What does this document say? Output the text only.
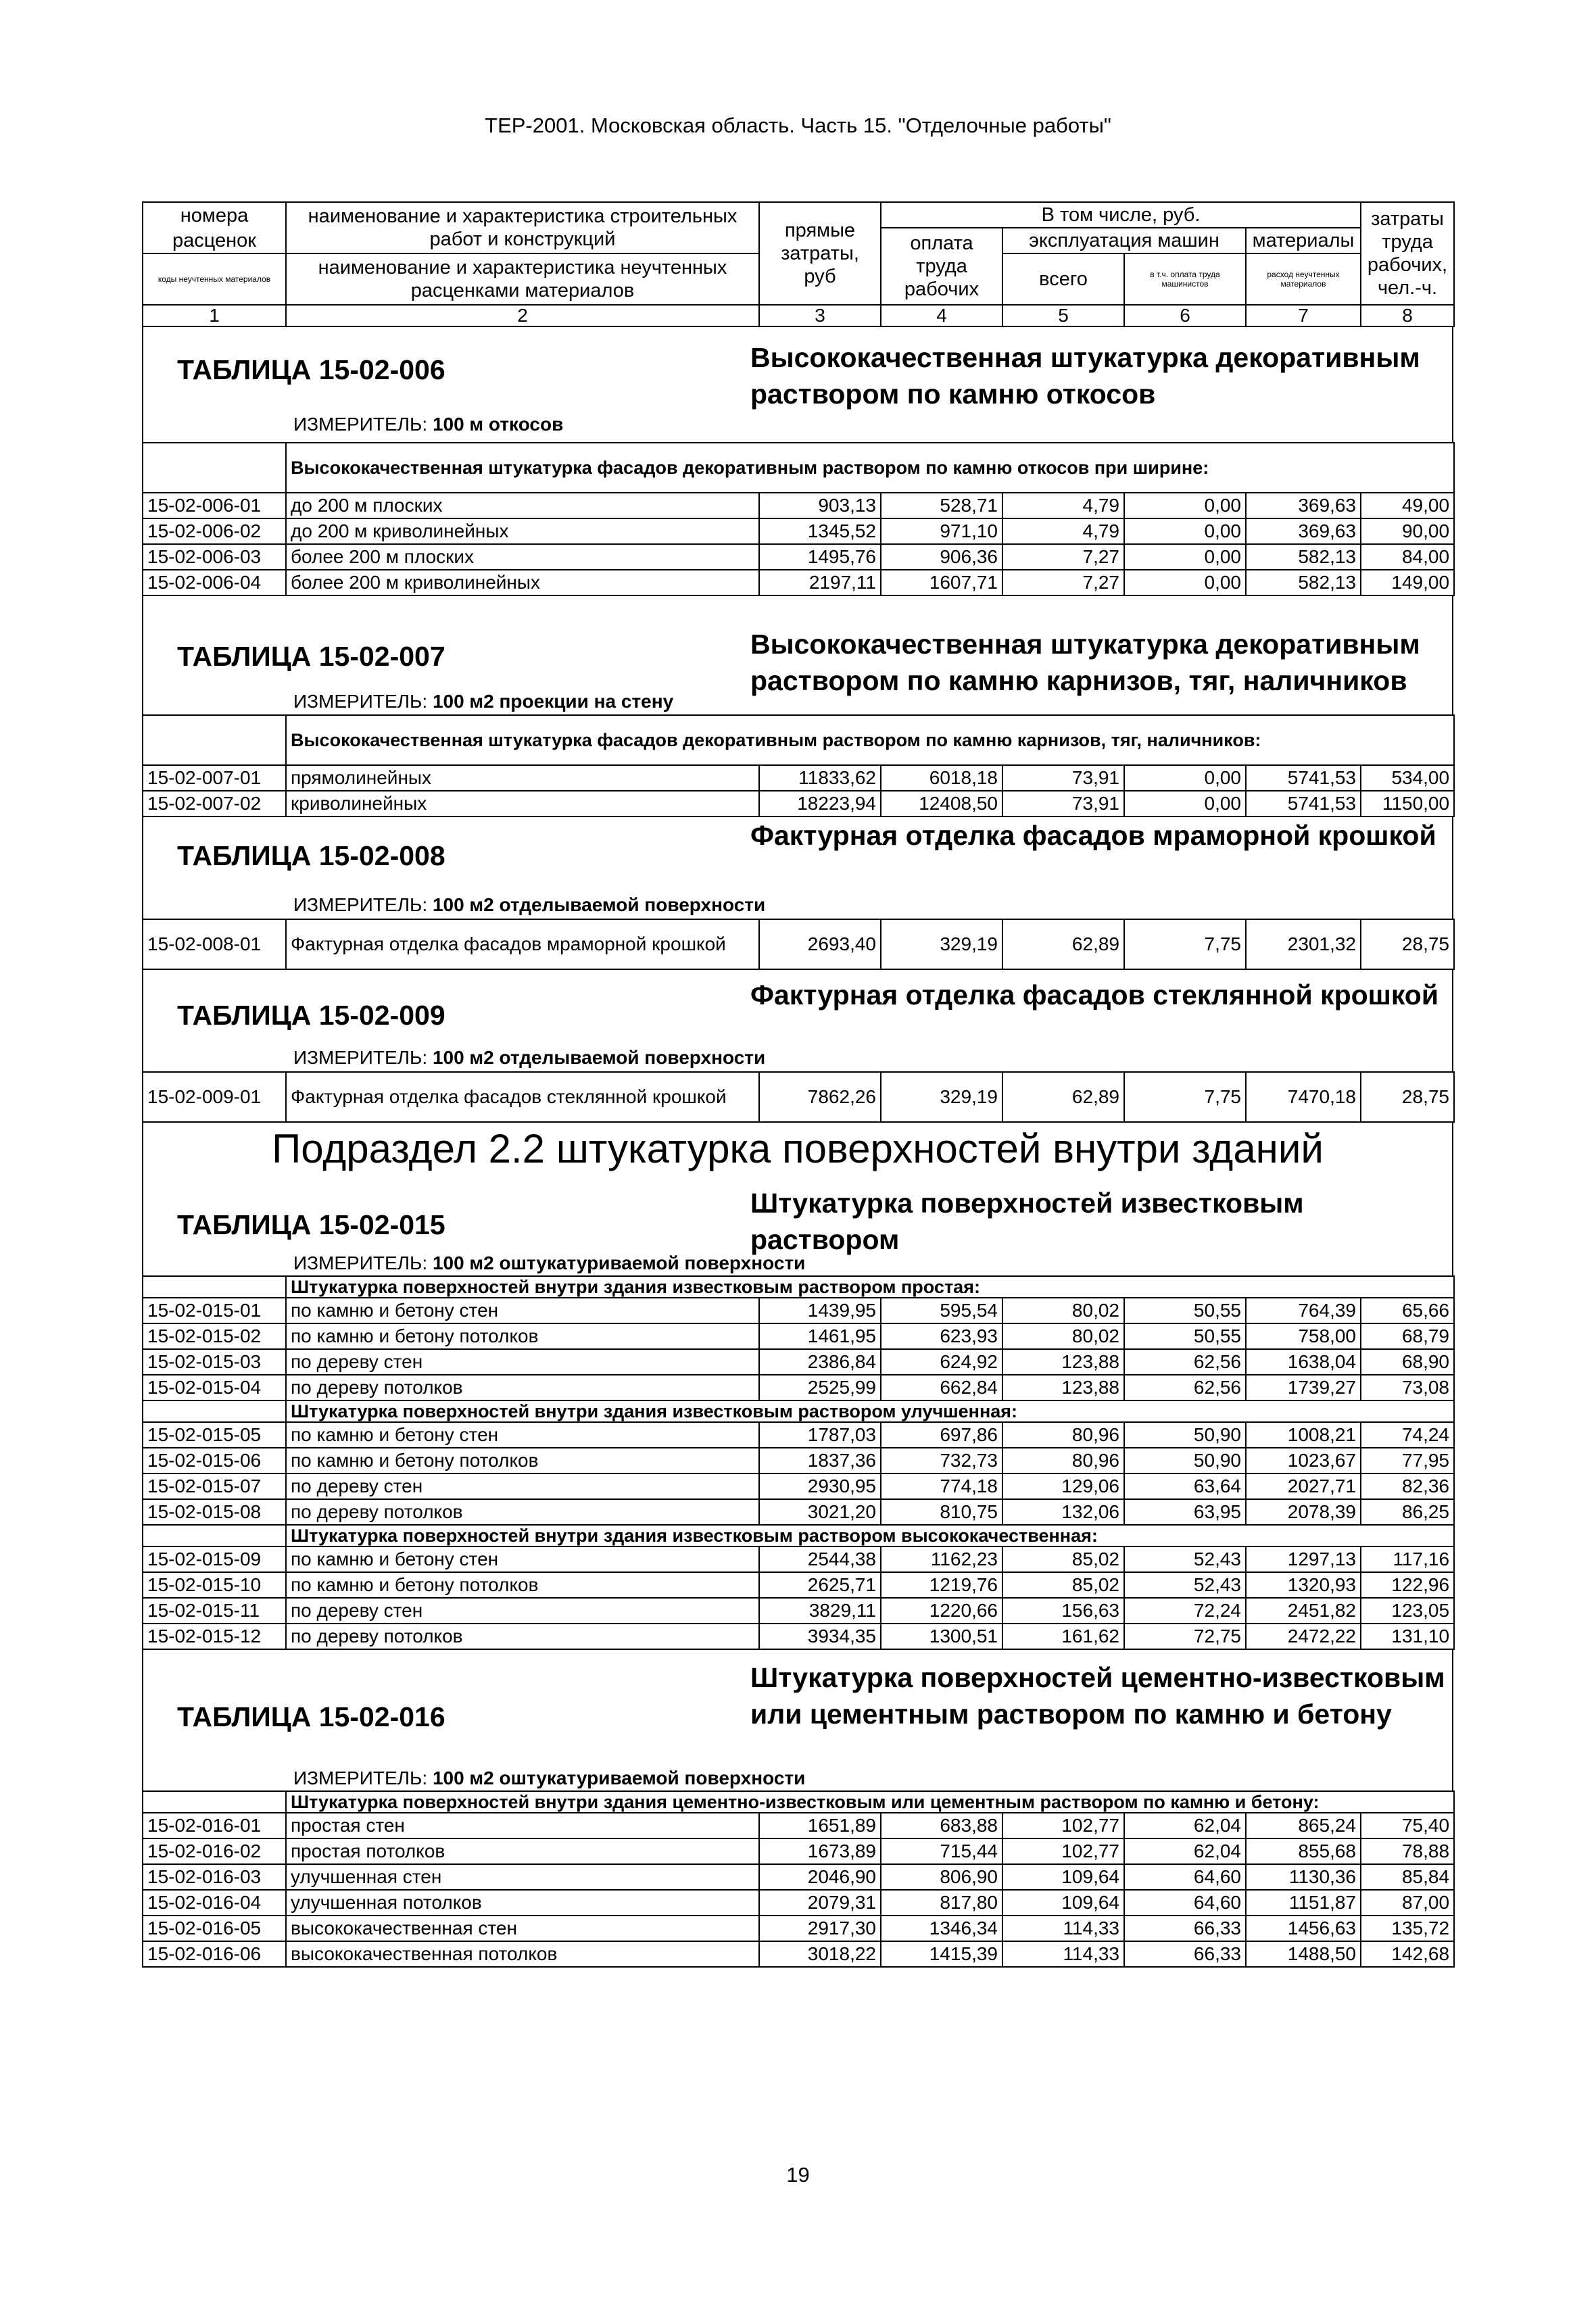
ТЕР-2001. Московская область. Часть 15. "Отделочные работы"
номера	наименование и характеристика строительных работ и конструкций	прямые затраты, руб	В том числе, руб.				затраты труда рабочих, чел.-ч.
расценок			оплата труда рабочих	эксплуатация машин		материалы	
коды неучтенных материалов	наименование и характеристика неучтенных расценками материалов			всего	в т.ч. оплата труда машинистов	расход неучтенных материалов	

1	2	3	4	5	6	7	8
ТАБЛИЦА 15-02-006	Высококачественная штукатурка декоративным раствором по камню откосов
ИЗМЕРИТЕЛЬ: 100 м откосов
	Высококачественная штукатурка фасадов декоративным раствором по камню откосов при ширине:						
15-02-006-01	до 200 м плоских	903,13	528,71	4,79	0,00	369,63	49,00
15-02-006-02	до 200 м криволинейных	1345,52	971,10	4,79	0,00	369,63	90,00
15-02-006-03	более 200 м плоских	1495,76	906,36	7,27	0,00	582,13	84,00
15-02-006-04	более 200 м криволинейных	2197,11	1607,71	7,27	0,00	582,13	149,00
ТАБЛИЦА 15-02-007	Высококачественная штукатурка декоративным раствором по камню карнизов, тяг, наличников
ИЗМЕРИТЕЛЬ: 100 м2 проекции на стену
	Высококачественная штукатурка фасадов декоративным раствором по камню карнизов, тяг, наличников:						
15-02-007-01	прямолинейных	11833,62	6018,18	73,91	0,00	5741,53	534,00
15-02-007-02	криволинейных	18223,94	12408,50	73,91	0,00	5741,53	1150,00
ТАБЛИЦА 15-02-008
Фактурная отделка фасадов мраморной крошкой
ИЗМЕРИТЕЛЬ: 100 м2 отделываемой поверхности
15-02-008-01	Фактурная отделка фасадов мраморной крошкой	2693,40	329,19	62,89	7,75	2301,32	28,75
ТАБЛИЦА 15-02-009
Фактурная отделка фасадов стеклянной крошкой
ИЗМЕРИТЕЛЬ: 100 м2 отделываемой поверхности
15-02-009-01	Фактурная отделка фасадов стеклянной крошкой	7862,26	329,19	62,89	7,75	7470,18	28,75
Подраздел 2.2 штукатурка поверхностей внутри зданий
ТАБЛИЦА 15-02-015
Штукатурка поверхностей известковым раствором
ИЗМЕРИТЕЛЬ: 100 м2 оштукатуриваемой поверхности
	Штукатурка поверхностей внутри здания известковым раствором простая:						
15-02-015-01	по камню и бетону стен	1439,95	595,54	80,02	50,55	764,39	65,66
15-02-015-02	по камню и бетону потолков	1461,95	623,93	80,02	50,55	758,00	68,79
15-02-015-03	по дереву стен	2386,84	624,92	123,88	62,56	1638,04	68,90
15-02-015-04	по дереву потолков	2525,99	662,84	123,88	62,56	1739,27	73,08
	Штукатурка поверхностей внутри здания известковым раствором улучшенная:						
15-02-015-05	по камню и бетону стен	1787,03	697,86	80,96	50,90	1008,21	74,24
15-02-015-06	по камню и бетону потолков	1837,36	732,73	80,96	50,90	1023,67	77,95
15-02-015-07	по дереву стен	2930,95	774,18	129,06	63,64	2027,71	82,36
15-02-015-08	по дереву потолков	3021,20	810,75	132,06	63,95	2078,39	86,25
	Штукатурка поверхностей внутри здания известковым раствором высококачественная:						
15-02-015-09	по камню и бетону стен	2544,38	1162,23	85,02	52,43	1297,13	117,16
15-02-015-10	по камню и бетону потолков	2625,71	1219,76	85,02	52,43	1320,93	122,96
15-02-015-11	по дереву стен	3829,11	1220,66	156,63	72,24	2451,82	123,05
15-02-015-12	по дереву потолков	3934,35	1300,51	161,62	72,75	2472,22	131,10
ТАБЛИЦА 15-02-016
Штукатурка поверхностей цементно-известковым или цементным раствором по камню и бетону
ИЗМЕРИТЕЛЬ: 100 м2 оштукатуриваемой поверхности
	Штукатурка поверхностей внутри здания цементно-известковым или цементным раствором по камню и бетону:						
15-02-016-01	простая стен	1651,89	683,88	102,77	62,04	865,24	75,40
15-02-016-02	простая потолков	1673,89	715,44	102,77	62,04	855,68	78,88
15-02-016-03	улучшенная стен	2046,90	806,90	109,64	64,60	1130,36	85,84
15-02-016-04	улучшенная потолков	2079,31	817,80	109,64	64,60	1151,87	87,00
15-02-016-05	высококачественная стен	2917,30	1346,34	114,33	66,33	1456,63	135,72
15-02-016-06	высококачественная потолков	3018,22	1415,39	114,33	66,33	1488,50	142,68
19
